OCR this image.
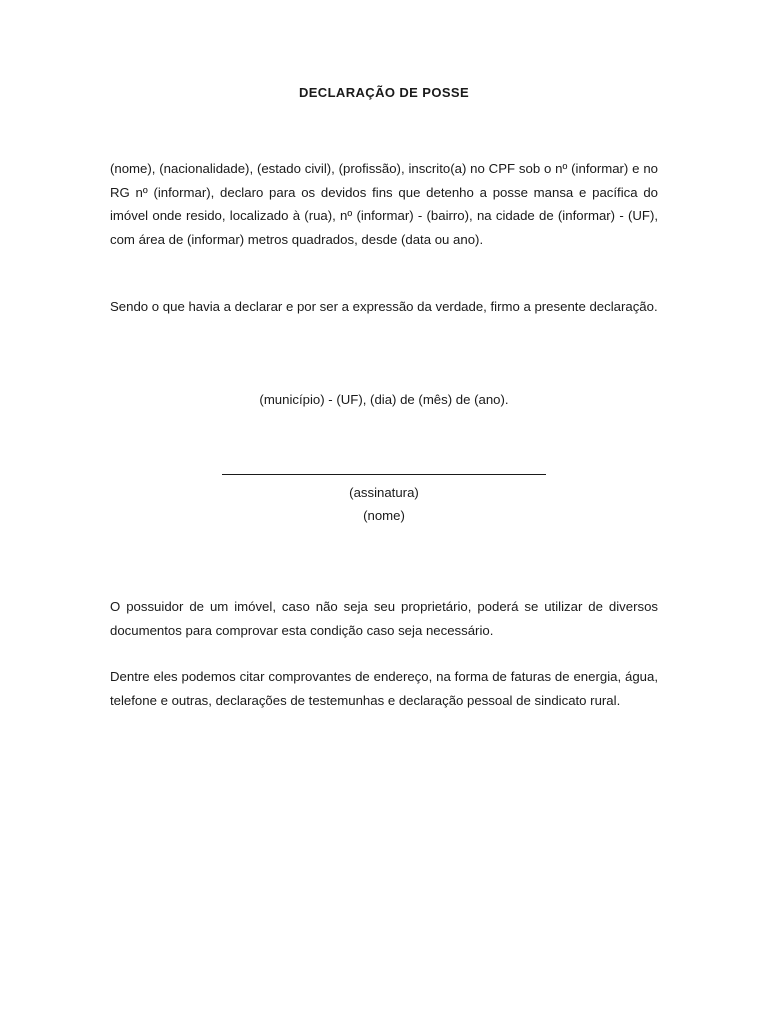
DECLARAÇÃO DE POSSE

(nome), (nacionalidade), (estado civil), (profissão), inscrito(a) no CPF sob o nº (informar) e no RG nº (informar), declaro para os devidos fins que detenho a posse mansa e pacífica do imóvel onde resido, localizado à (rua), nº (informar) - (bairro), na cidade de (informar) - (UF), com área de (informar) metros quadrados, desde (data ou ano).

Sendo o que havia a declarar e por ser a expressão da verdade, firmo a presente declaração.

(município) - (UF), (dia) de (mês) de (ano).
(assinatura)
(nome)

O possuidor de um imóvel, caso não seja seu proprietário, poderá se utilizar de diversos documentos para comprovar esta condição caso seja necessário.

Dentre eles podemos citar comprovantes de endereço, na forma de faturas de energia, água, telefone e outras, declarações de testemunhas e declaração pessoal de sindicato rural.
